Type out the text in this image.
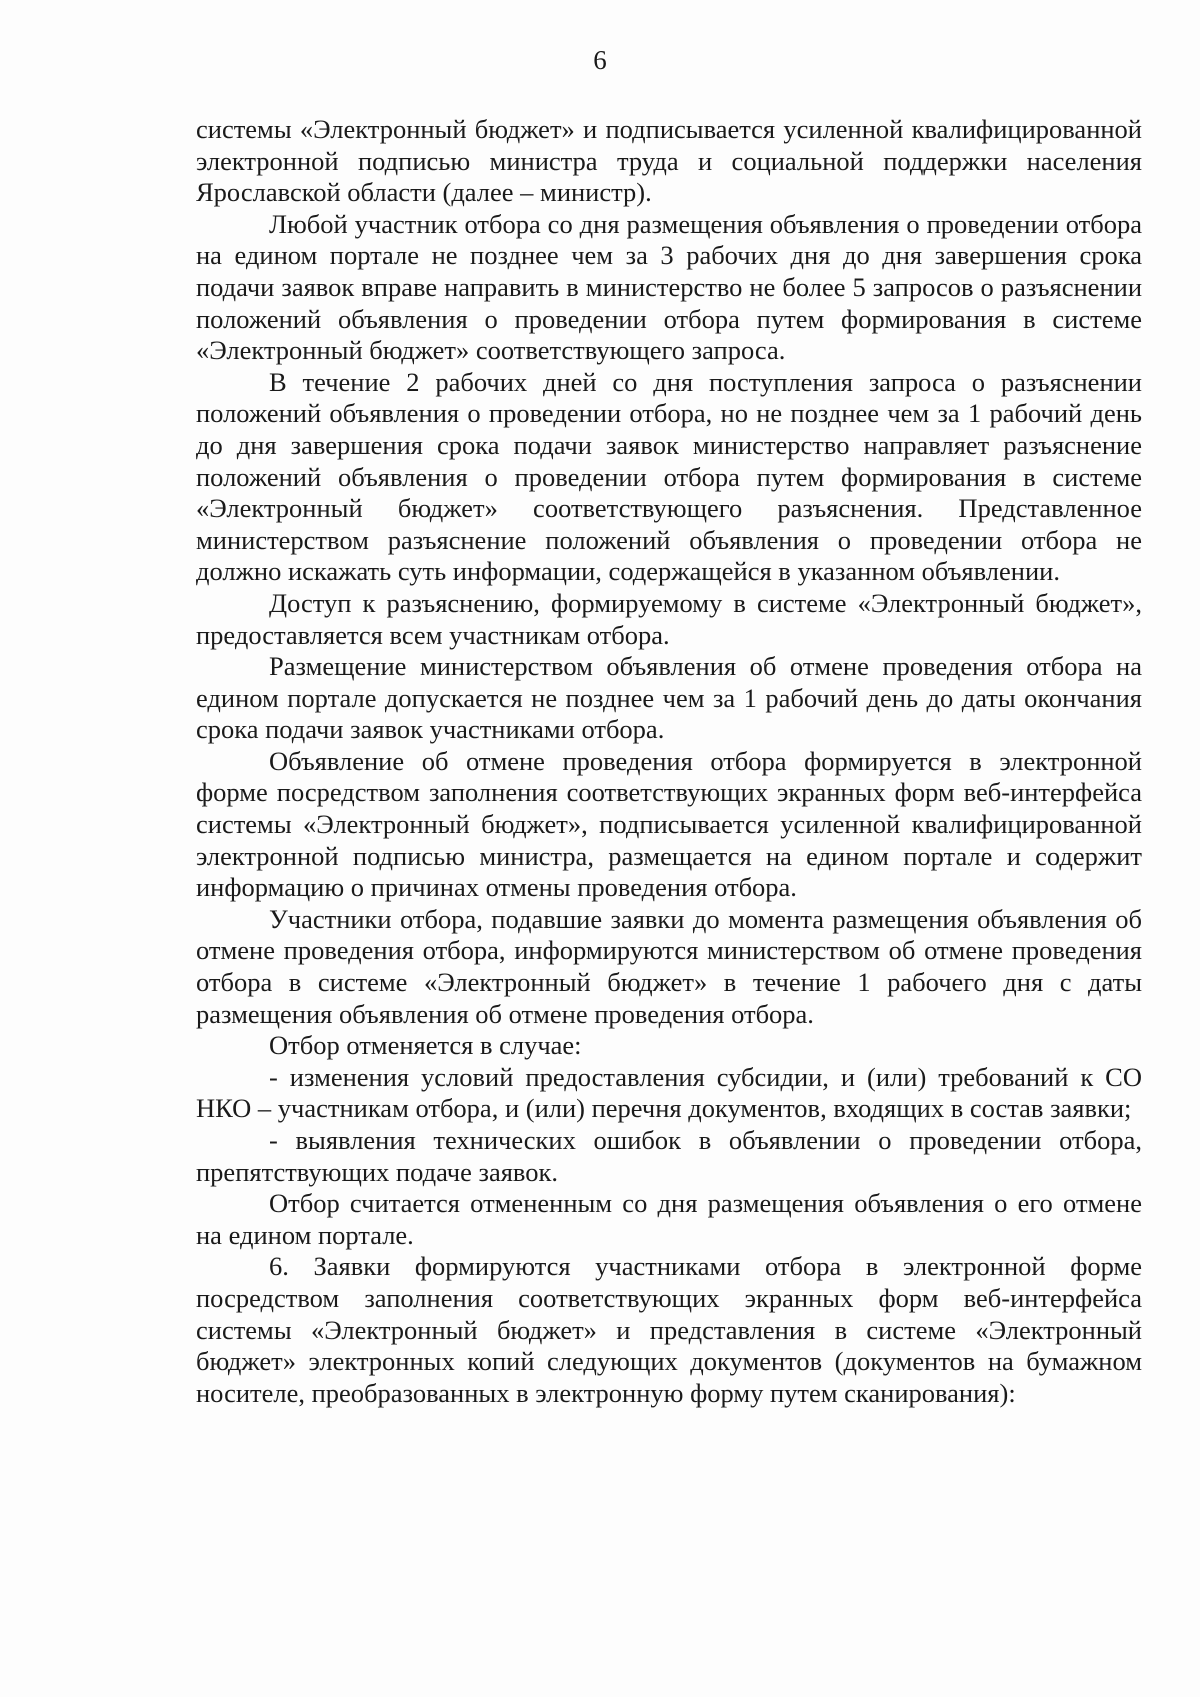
6

системы «Электронный бюджет» и подписывается усиленной квалифицированной электронной подписью министра труда и социальной поддержки населения Ярославской области (далее – министр).

Любой участник отбора со дня размещения объявления о проведении отбора на едином портале не позднее чем за 3 рабочих дня до дня завершения срока подачи заявок вправе направить в министерство не более 5 запросов о разъяснении положений объявления о проведении отбора путем формирования в системе «Электронный бюджет» соответствующего запроса.

В течение 2 рабочих дней со дня поступления запроса о разъяснении положений объявления о проведении отбора, но не позднее чем за 1 рабочий день до дня завершения срока подачи заявок министерство направляет разъяснение положений объявления о проведении отбора путем формирования в системе «Электронный бюджет» соответствующего разъяснения. Представленное министерством разъяснение положений объявления о проведении отбора не должно искажать суть информации, содержащейся в указанном объявлении.

Доступ к разъяснению, формируемому в системе «Электронный бюджет», предоставляется всем участникам отбора.

Размещение министерством объявления об отмене проведения отбора на едином портале допускается не позднее чем за 1 рабочий день до даты окончания срока подачи заявок участниками отбора.

Объявление об отмене проведения отбора формируется в электронной форме посредством заполнения соответствующих экранных форм веб-интерфейса системы «Электронный бюджет», подписывается усиленной квалифицированной электронной подписью министра, размещается на едином портале и содержит информацию о причинах отмены проведения отбора.

Участники отбора, подавшие заявки до момента размещения объявления об отмене проведения отбора, информируются министерством об отмене проведения отбора в системе «Электронный бюджет» в течение 1 рабочего дня с даты размещения объявления об отмене проведения отбора.

Отбор отменяется в случае:

- изменения условий предоставления субсидии, и (или) требований к СО НКО – участникам отбора, и (или) перечня документов, входящих в состав заявки;

- выявления технических ошибок в объявлении о проведении отбора, препятствующих подаче заявок.

Отбор считается отмененным со дня размещения объявления о его отмене на едином портале.

6. Заявки формируются участниками отбора в электронной форме посредством заполнения соответствующих экранных форм веб-интерфейса системы «Электронный бюджет» и представления в системе «Электронный бюджет» электронных копий следующих документов (документов на бумажном носителе, преобразованных в электронную форму путем сканирования):
